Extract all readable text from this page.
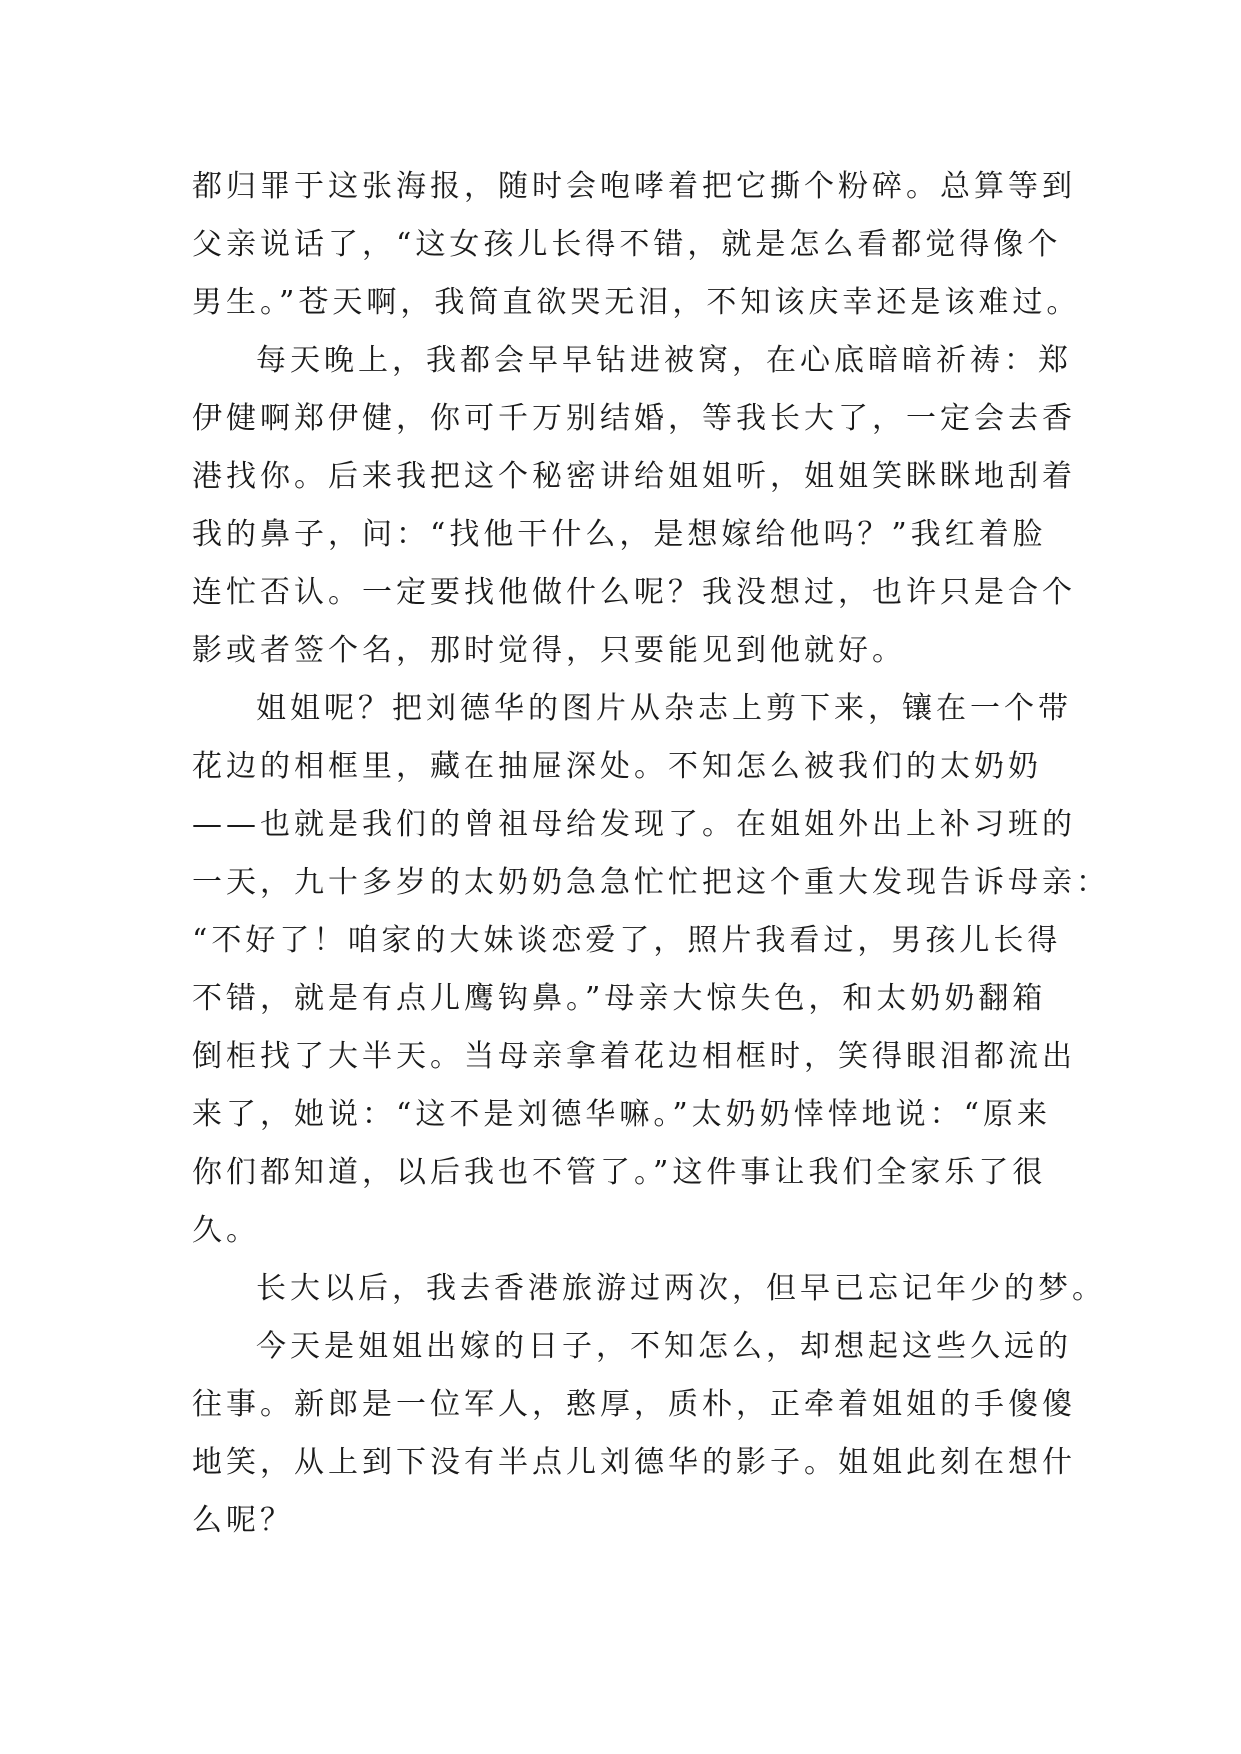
都归罪于这张海报，随时会咆哮着把它撕个粉碎。总算等到
父亲说话了，“这女孩儿长得不错，就是怎么看都觉得像个
男生。”苍天啊，我简直欲哭无泪，不知该庆幸还是该难过。
每天晚上，我都会早早钻进被窝，在心底暗暗祈祷：郑
伊健啊郑伊健，你可千万别结婚，等我长大了，一定会去香
港找你。后来我把这个秘密讲给姐姐听，姐姐笑眯眯地刮着
我的鼻子，问：“找他干什么，是想嫁给他吗？”我红着脸
连忙否认。一定要找他做什么呢？我没想过，也许只是合个
影或者签个名，那时觉得，只要能见到他就好。
姐姐呢？把刘德华的图片从杂志上剪下来，镶在一个带
花边的相框里，藏在抽屉深处。不知怎么被我们的太奶奶
——也就是我们的曾祖母给发现了。在姐姐外出上补习班的
一天，九十多岁的太奶奶急急忙忙把这个重大发现告诉母亲：
“不好了！咱家的大妹谈恋爱了，照片我看过，男孩儿长得
不错，就是有点儿鹰钩鼻。”母亲大惊失色，和太奶奶翻箱
倒柜找了大半天。当母亲拿着花边相框时，笑得眼泪都流出
来了，她说：“这不是刘德华嘛。”太奶奶悻悻地说：“原来
你们都知道，以后我也不管了。”这件事让我们全家乐了很
久。
长大以后，我去香港旅游过两次，但早已忘记年少的梦。
今天是姐姐出嫁的日子，不知怎么，却想起这些久远的
往事。新郎是一位军人，憨厚，质朴，正牵着姐姐的手傻傻
地笑，从上到下没有半点儿刘德华的影子。姐姐此刻在想什
么呢？
